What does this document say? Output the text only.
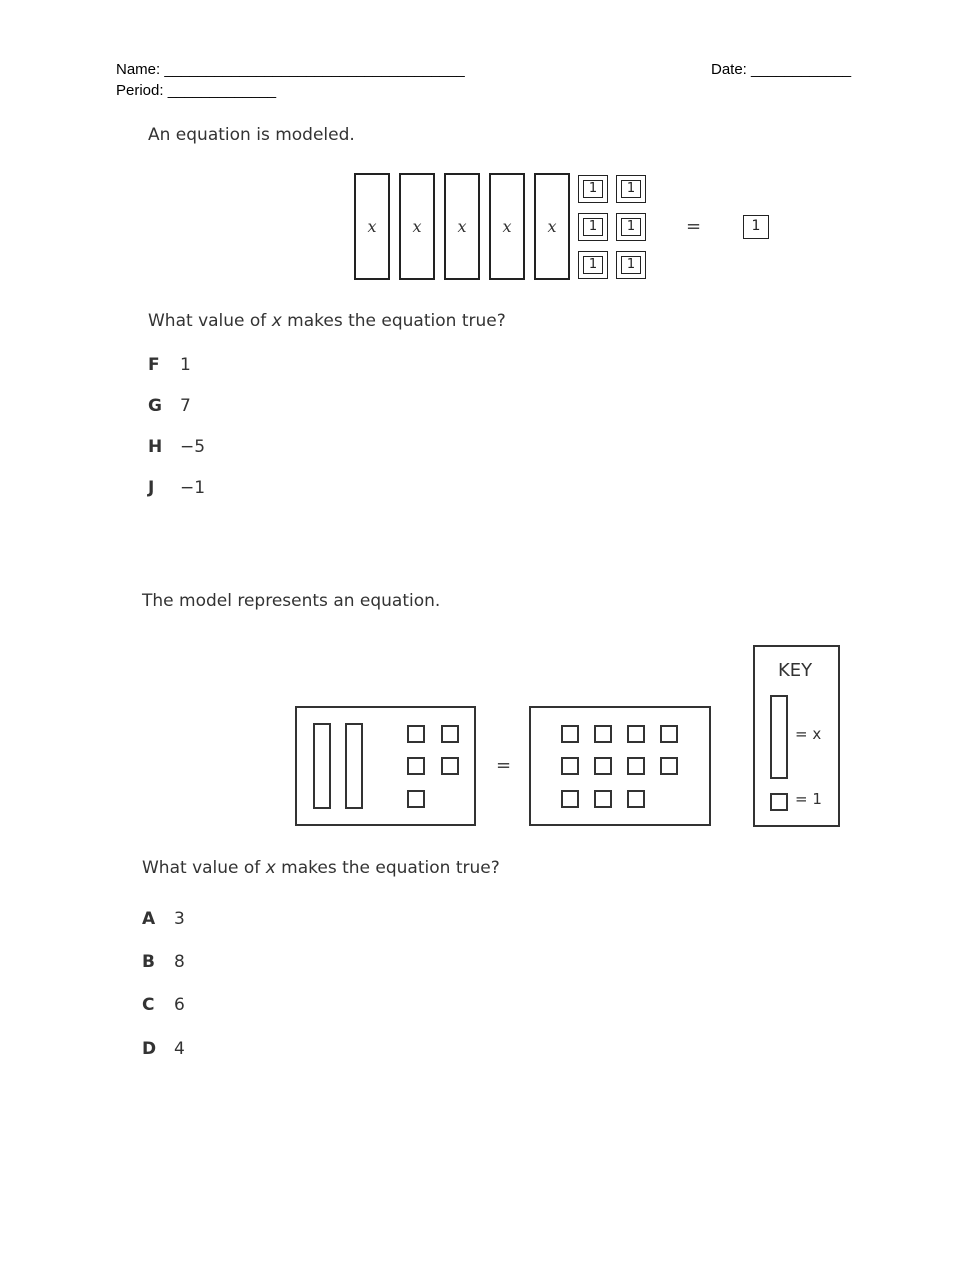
Name: ____________________________________	Date: ____________
Period: _____________
An equation is modeled.
x	x	x	x	x
1	1
1	1
1	1
=	1
What value of x makes the equation true?
F 1
G 7
H −5
J −1
The model represents an equation.
=
KEY
= x
= 1
What value of x makes the equation true?
A 3
B 8
C 6
D 4
